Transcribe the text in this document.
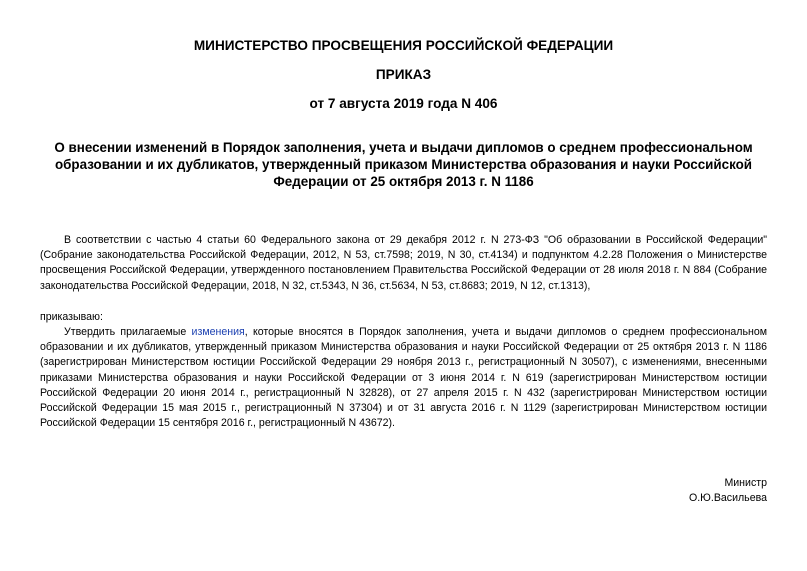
МИНИСТЕРСТВО ПРОСВЕЩЕНИЯ РОССИЙСКОЙ ФЕДЕРАЦИИ

ПРИКАЗ

от 7 августа 2019 года N 406

О внесении изменений в Порядок заполнения, учета и выдачи дипломов о среднем профессиональном образовании и их дубликатов, утвержденный приказом Министерства образования и науки Российской Федерации от 25 октября 2013 г. N 1186

В соответствии с частью 4 статьи 60 Федерального закона от 29 декабря 2012 г. N 273-ФЗ "Об образовании в Российской Федерации" (Собрание законодательства Российской Федерации, 2012, N 53, ст.7598; 2019, N 30, ст.4134) и подпунктом 4.2.28 Положения о Министерстве просвещения Российской Федерации, утвержденного постановлением Правительства Российской Федерации от 28 июля 2018 г. N 884 (Собрание законодательства Российской Федерации, 2018, N 32, ст.5343, N 36, ст.5634, N 53, ст.8683; 2019, N 12, ст.1313),

приказываю:

Утвердить прилагаемые изменения, которые вносятся в Порядок заполнения, учета и выдачи дипломов о среднем профессиональном образовании и их дубликатов, утвержденный приказом Министерства образования и науки Российской Федерации от 25 октября 2013 г. N 1186 (зарегистрирован Министерством юстиции Российской Федерации 29 ноября 2013 г., регистрационный N 30507), с изменениями, внесенными приказами Министерства образования и науки Российской Федерации от 3 июня 2014 г. N 619 (зарегистрирован Министерством юстиции Российской Федерации 20 июня 2014 г., регистрационный N 32828), от 27 апреля 2015 г. N 432 (зарегистрирован Министерством юстиции Российской Федерации 15 мая 2015 г., регистрационный N 37304) и от 31 августа 2016 г. N 1129 (зарегистрирован Министерством юстиции Российской Федерации 15 сентября 2016 г., регистрационный N 43672).

Министр

О.Ю.Васильева
